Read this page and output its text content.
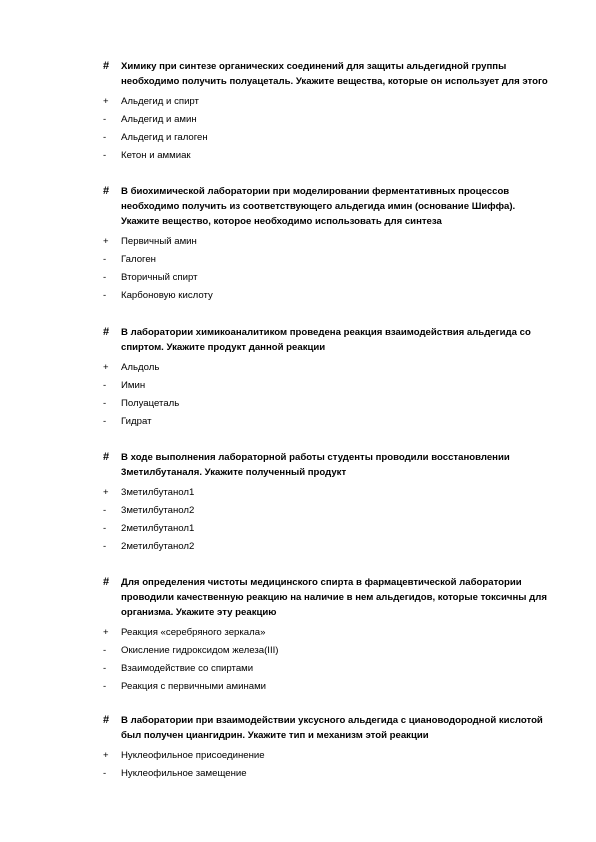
# Химику при синтезе органических соединений для защиты альдегидной группы необходимо получить полуацеталь. Укажите вещества, которые он использует для этого
+ Альдегид и спирт
- Альдегид и амин
- Альдегид и галоген
- Кетон и аммиак
# В биохимической лаборатории при моделировании ферментативных процессов необходимо получить из соответствующего альдегида имин (основание Шиффа). Укажите вещество, которое необходимо использовать для синтеза
+ Первичный амин
- Галоген
- Вторичный спирт
- Карбоновую кислоту
# В лаборатории химикоаналитиком проведена реакция взаимодействия альдегида со спиртом. Укажите продукт данной реакции
+ Альдоль
- Имин
- Полуацеталь
- Гидрат
# В ходе выполнения лабораторной работы студенты проводили восстановлении 3метилбутаналя. Укажите полученный продукт
+ 3метилбутанол1
- 3метилбутанол2
- 2метилбутанол1
- 2метилбутанол2
# Для определения чистоты медицинского спирта в фармацевтической лаборатории проводили качественную реакцию на наличие в нем альдегидов, которые токсичны для организма. Укажите эту реакцию
+ Реакция «серебряного зеркала»
- Окисление гидроксидом железа(III)
- Взаимодействие со спиртами
- Реакция с первичными аминами
# В лаборатории при взаимодействии уксусного альдегида с циановодородной кислотой был получен циангидрин. Укажите тип и механизм этой реакции
+ Нуклеофильное присоединение
- Нуклеофильное замещение
